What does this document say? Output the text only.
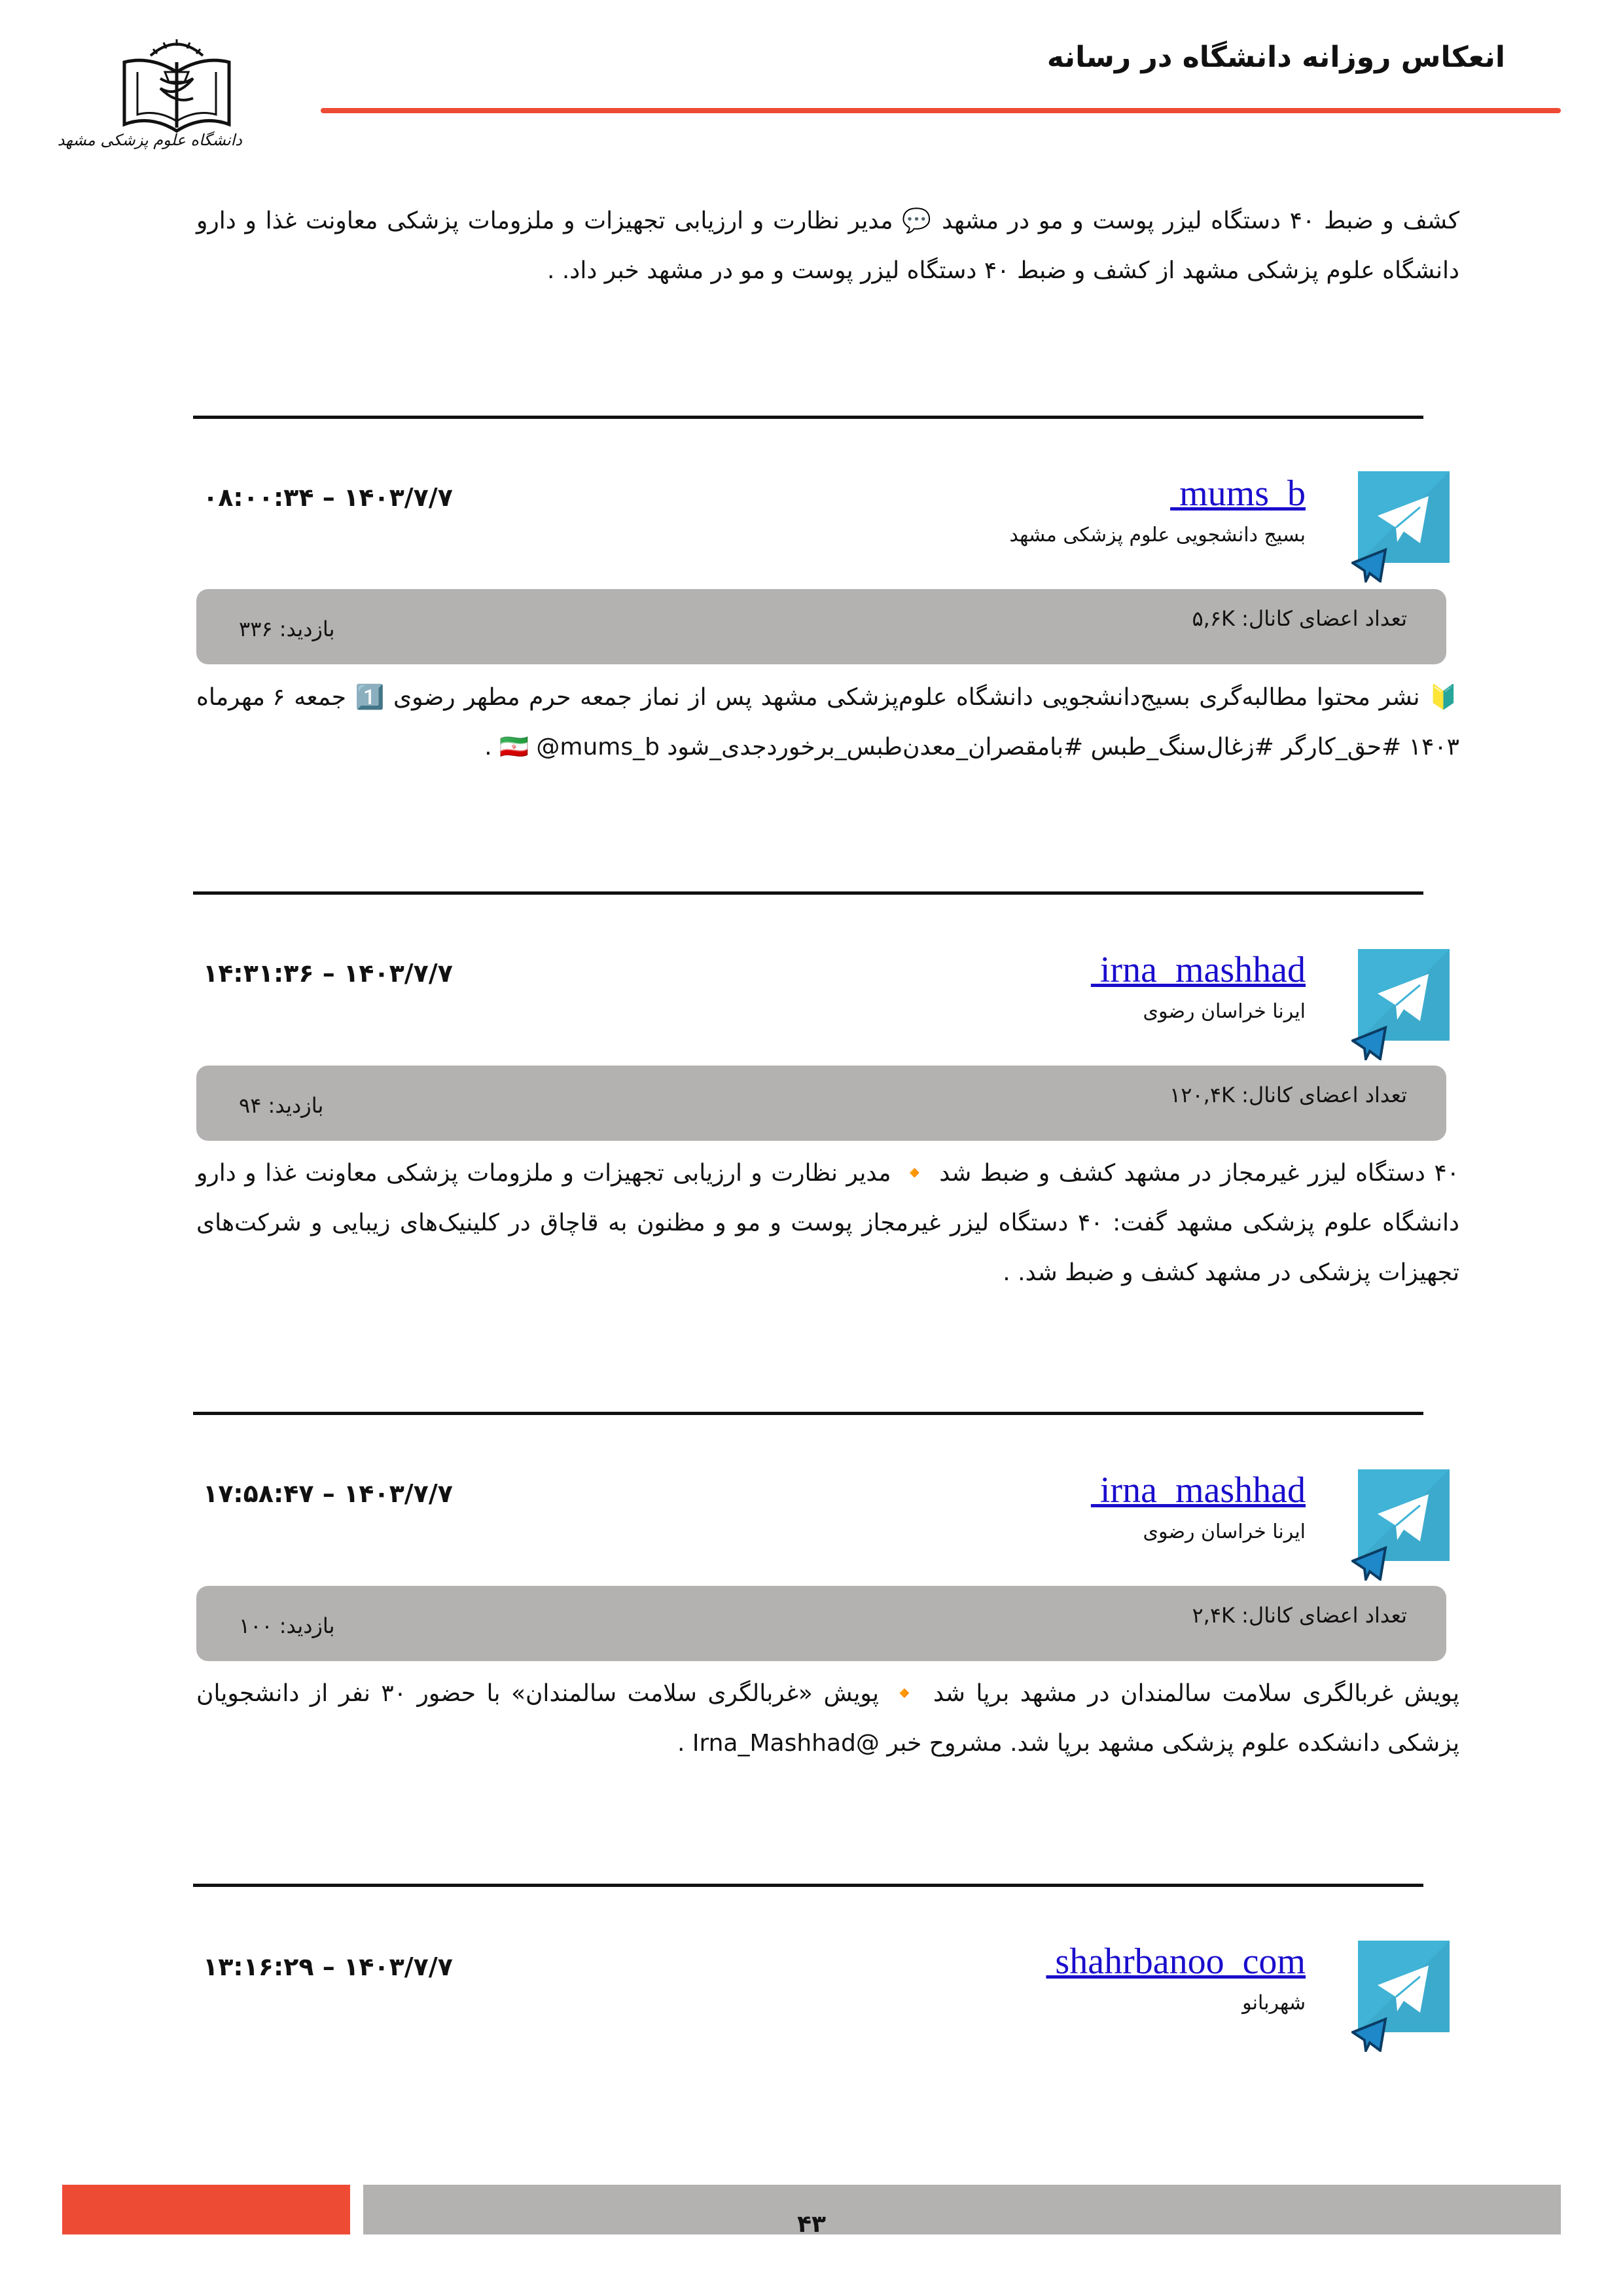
انعکاس روزانه دانشگاه در رسانه
دانشگاه علوم پزشکی مشهد
کشف و ضبط ۴۰ دستگاه لیزر پوست و مو در مشهد 💬 مدیر نظارت و ارزیابی تجهیزات و ملزومات پزشکی معاونت غذا و دارو دانشگاه علوم پزشکی مشهد از کشف و ضبط ۴۰ دستگاه لیزر پوست و مو در مشهد خبر داد. .
mums_b
بسیج دانشجویی علوم پزشکی مشهد
۱۴۰۳/۷/۷ – ۰۸:۰۰:۳۴
تعداد اعضای کانال: ۵,۶K
بازدید: ۳۳۶
🔰 نشر محتوا مطالبه‌گری بسیج‌دانشجویی دانشگاه علوم‌پزشکی مشهد پس از نماز جمعه حرم مطهر رضوی 1️⃣ جمعه ۶ مهرماه ۱۴۰۳ #حق_کارگر #زغال‌سنگ_طبس #بامقصران_معدن‌طبس_برخوردجدی_شود 🇮🇷 @mums_b .
irna_mashhad
ایرنا خراسان رضوی
۱۴۰۳/۷/۷ – ۱۴:۳۱:۳۶
تعداد اعضای کانال: ۱۲۰,۴K
بازدید: ۹۴
۴۰ دستگاه لیزر غیرمجاز در مشهد کشف و ضبط شد 🔸 مدیر نظارت و ارزیابی تجهیزات و ملزومات پزشکی معاونت غذا و دارو دانشگاه علوم پزشکی مشهد گفت: ۴۰ دستگاه لیزر غیرمجاز پوست و مو و مظنون به قاچاق در کلینیک‌های زیبایی و شرکت‌های تجهیزات پزشکی در مشهد کشف و ضبط شد. .
irna_mashhad
ایرنا خراسان رضوی
۱۴۰۳/۷/۷ – ۱۷:۵۸:۴۷
تعداد اعضای کانال: ۲,۴K
بازدید: ۱۰۰
پویش غربالگری سلامت سالمندان در مشهد برپا شد 🔸 پویش «غربالگری سلامت سالمندان» با حضور ۳۰ نفر از دانشجویان پزشکی دانشکده علوم پزشکی مشهد برپا شد. مشروح خبر @Irna_Mashhad .
shahrbanoo_com
شهربانو
۱۴۰۳/۷/۷ – ۱۳:۱۶:۲۹
۴۳
